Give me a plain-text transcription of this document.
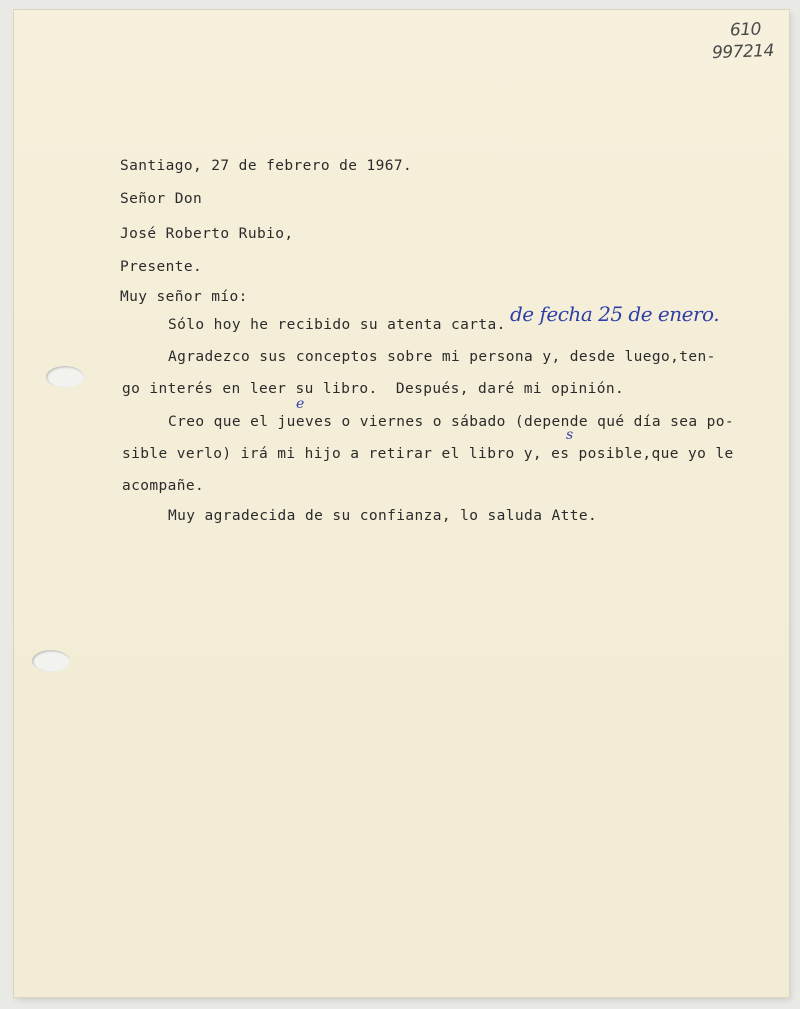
610
997214
Santiago, 27 de febrero de 1967.
Señor Don
José Roberto Rubio,
Presente.
Muy señor mío:
Sólo hoy he recibido su atenta carta. de fecha 25 de enero.
Agradezco sus conceptos sobre mi persona y, desde luego,ten-
go interés en leer su libro.  Después, daré mi opinión.
Creo que el jueves o viernes o sábado (depende qué día sea po-
e
s
sible verlo) irá mi hijo a retirar el libro y, es posible,que yo le
acompañe.
Muy agradecida de su confianza, lo saluda Atte.
